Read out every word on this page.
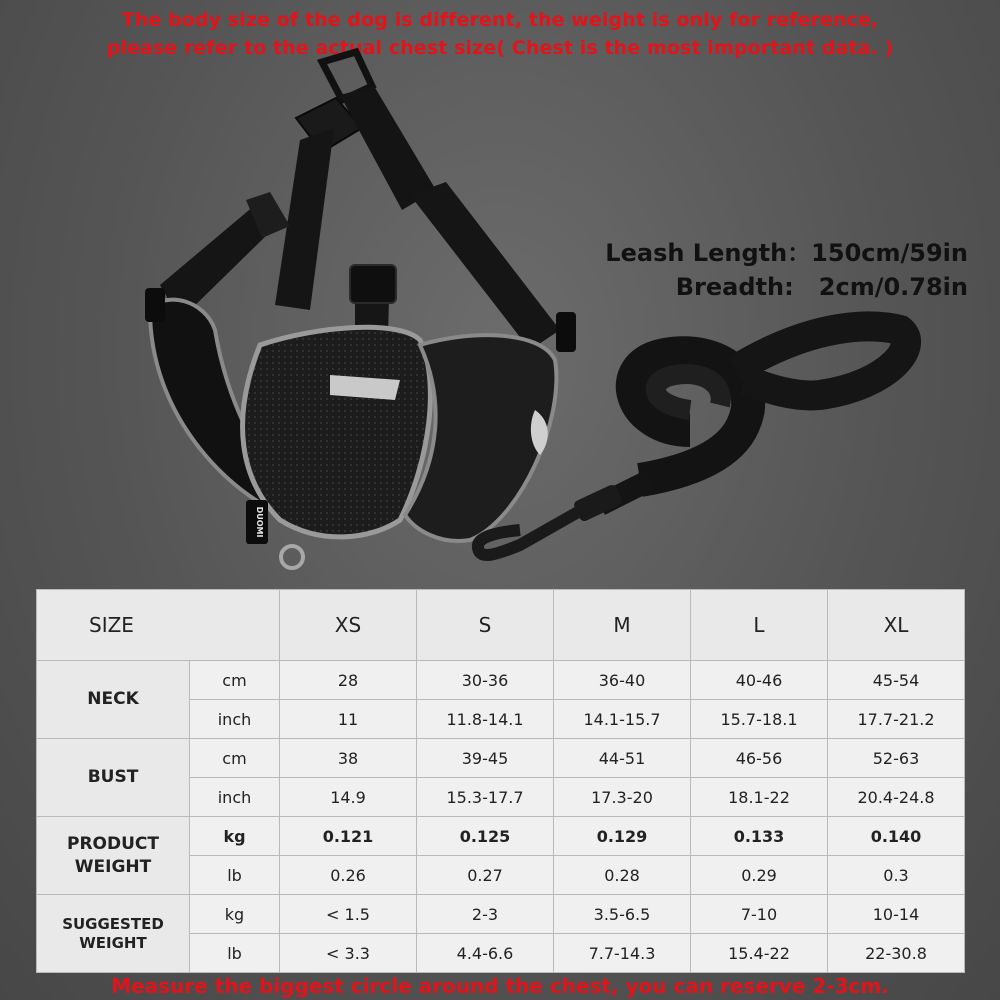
The body size of the dog is different, the weight is only for reference,
please refer to the actual chest size( Chest is the most important data. )
DUOMI
Leash Length：150cm/59in
Breadth:   2cm/0.78in
SIZE		XS	S	M	L	XL
NECK	cm	28	30-36	36-40	40-46	45-54
	inch	11	11.8-14.1	14.1-15.7	15.7-18.1	17.7-21.2
BUST	cm	38	39-45	44-51	46-56	52-63
	inch	14.9	15.3-17.7	17.3-20	18.1-22	20.4-24.8

PRODUCT
WEIGHT	kg	0.121	0.125	0.129	0.133	0.140
	lb	0.26	0.27	0.28	0.29	0.3

SUGGESTED
WEIGHT	kg	< 1.5	2-3	3.5-6.5	7-10	10-14
	lb	< 3.3	4.4-6.6	7.7-14.3	15.4-22	22-30.8
Measure the biggest circle around the chest, you can reserve 2-3cm.
